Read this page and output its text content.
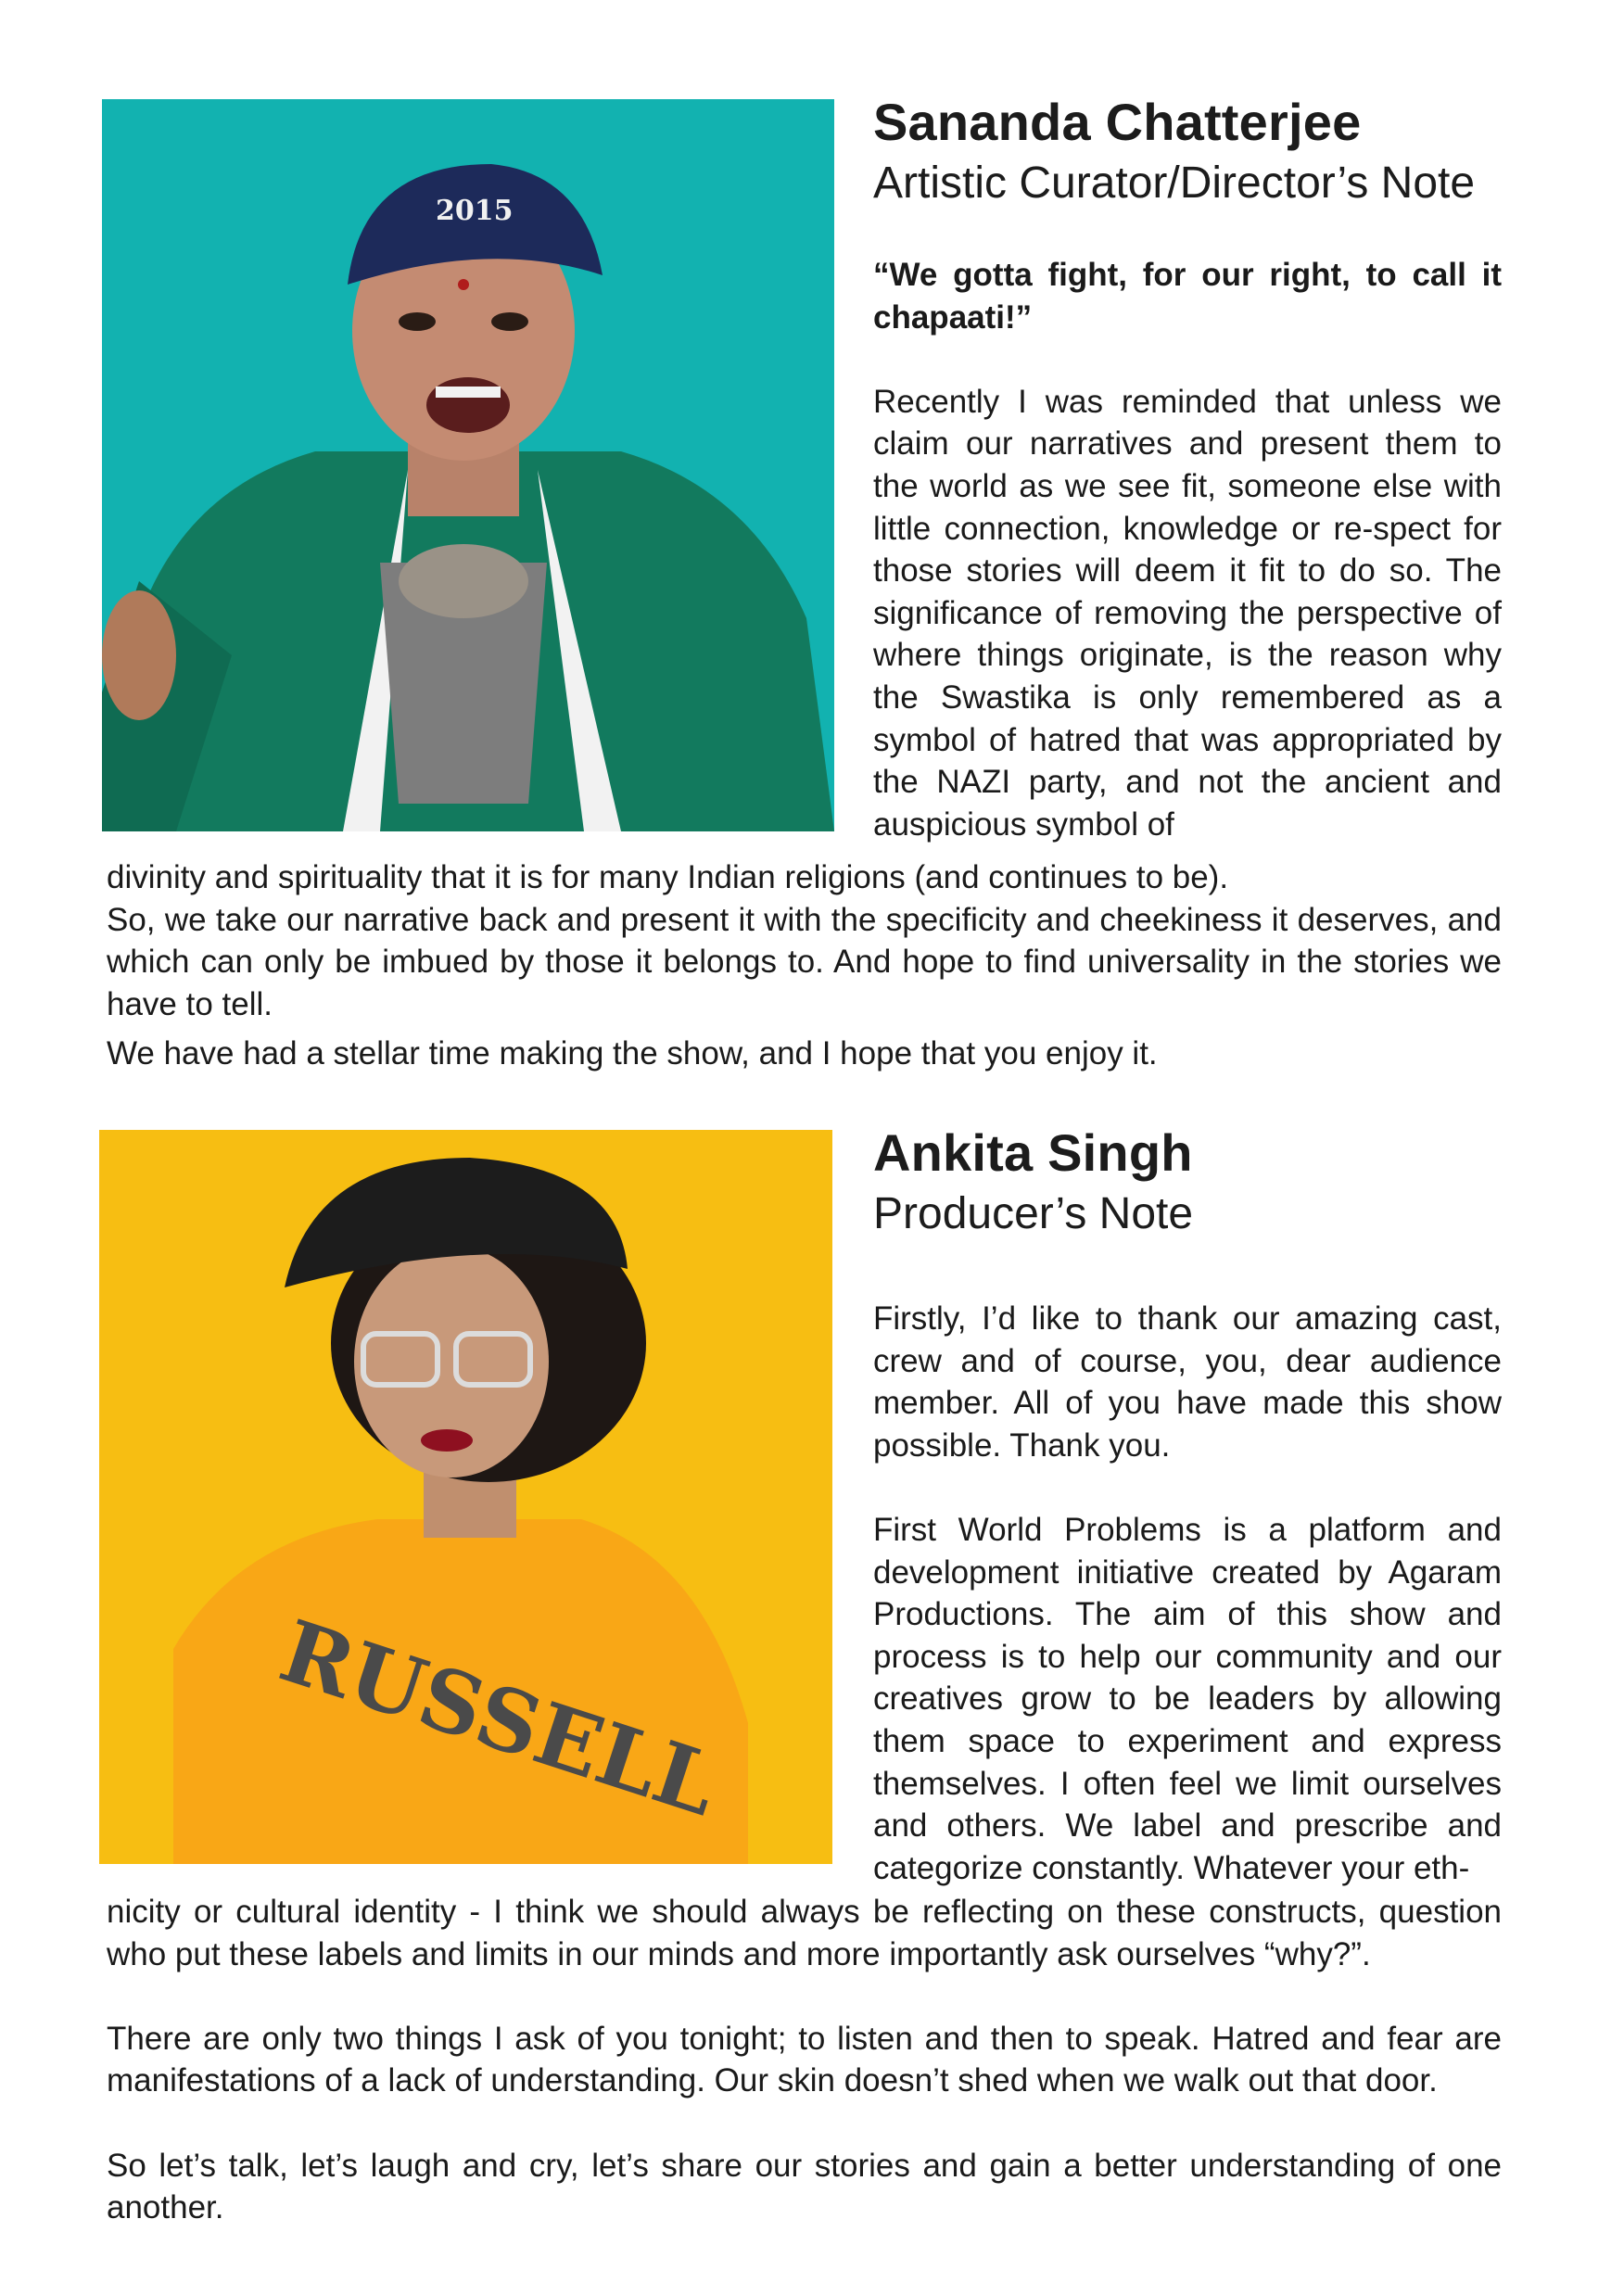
2015
Sananda Chatterjee
Artistic Curator/Director’s Note

“We gotta fight, for our right, to call it chapaati!”

Recently I was reminded that unless we claim our narratives and present them to the world as we see fit, someone else with little connection, knowledge or re-spect for those stories will deem it fit to do so. The significance of removing the perspective of where things originate, is the reason why the Swastika is only remembered as a symbol of hatred that was appropriated by the NAZI party, and not the ancient and auspicious symbol of

divinity and spirituality that it is for many Indian religions (and continues to be).

So, we take our narrative back and present it with the specificity and cheekiness it deserves, and which can only be imbued by those it belongs to. And hope to find universality in the stories we have to tell.

We have had a stellar time making the show, and I hope that you enjoy it.

RUSSELL
Ankita Singh
Producer’s Note

Firstly, I’d like to thank our amazing cast, crew and of course, you, dear audience member. All of you have made this show possible. Thank you.

First World Problems is a platform and development initiative created by Agaram Productions. The aim of this show and process is to help our community and our creatives grow to be leaders by allowing them space to experiment and express themselves. I often feel we limit ourselves and others. We label and prescribe and categorize constantly. Whatever your eth-

nicity or cultural identity - I think we should always be reflecting on these constructs, question who put these labels and limits in our minds and more importantly ask ourselves “why?”.

There are only two things I ask of you tonight; to listen and then to speak. Hatred and fear are manifestations of a lack of understanding. Our skin doesn’t shed when we walk out that door.

So let’s talk, let’s laugh and cry, let’s share our stories and gain a better understanding of one another.
